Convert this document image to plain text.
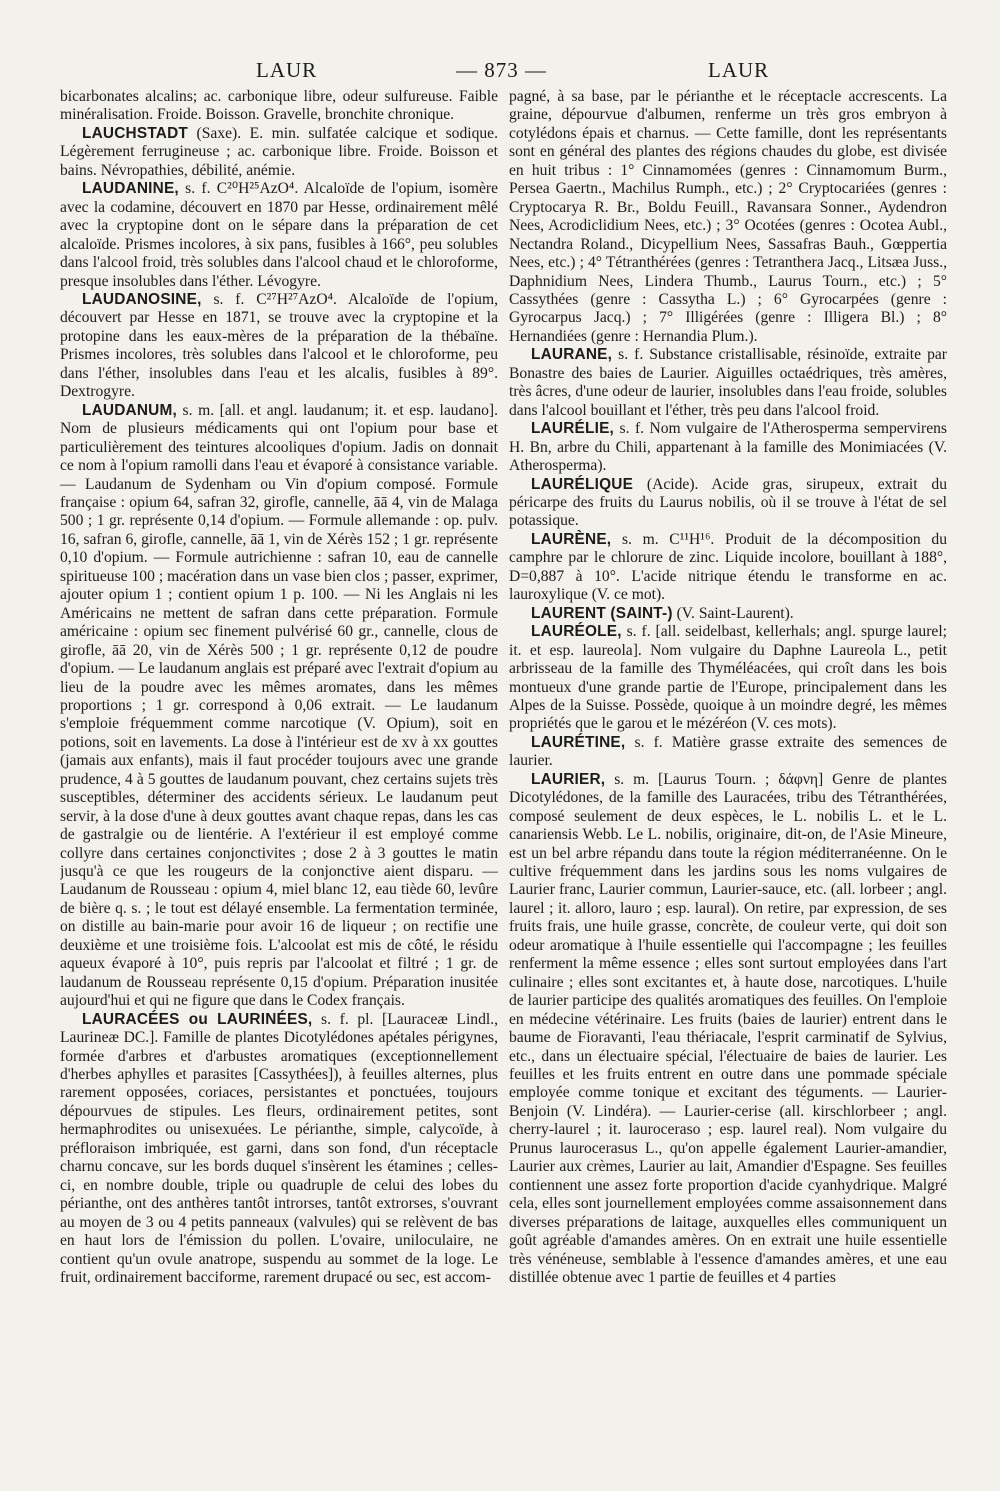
LAUR	— 873 —	LAUR

bicarbonates alcalins; ac. carbonique libre, odeur sulfureuse. Faible minéralisation. Froide. Boisson. Gravelle, bronchite chronique.

LAUCHSTADT (Saxe). E. min. sulfatée calcique et sodique. Légèrement ferrugineuse ; ac. carbonique libre. Froide. Boisson et bains. Névropathies, débilité, anémie.

LAUDANINE, s. f. C²⁰H²⁵AzO⁴. Alcaloïde de l'opium, isomère avec la codamine, découvert en 1870 par Hesse, ordinairement mêlé avec la cryptopine dont on le sépare dans la préparation de cet alcaloïde. Prismes incolores, à six pans, fusibles à 166°, peu solubles dans l'alcool froid, très solubles dans l'alcool chaud et le chloroforme, presque insolubles dans l'éther. Lévogyre.

LAUDANOSINE, s. f. C²⁷H²⁷AzO⁴. Alcaloïde de l'opium, découvert par Hesse en 1871, se trouve avec la cryptopine et la protopine dans les eaux-mères de la préparation de la thébaïne. Prismes incolores, très solubles dans l'alcool et le chloroforme, peu dans l'éther, insolubles dans l'eau et les alcalis, fusibles à 89°. Dextrogyre.

LAUDANUM, s. m. [all. et angl. laudanum; it. et esp. laudano]. Nom de plusieurs médicaments qui ont l'opium pour base et particulièrement des teintures alcooliques d'opium. Jadis on donnait ce nom à l'opium ramolli dans l'eau et évaporé à consistance variable. — Laudanum de Sydenham ou Vin d'opium composé. Formule française : opium 64, safran 32, girofle, cannelle, āā 4, vin de Malaga 500 ; 1 gr. représente 0,14 d'opium. — Formule allemande : op. pulv. 16, safran 6, girofle, cannelle, āā 1, vin de Xérès 152 ; 1 gr. représente 0,10 d'opium. — Formule autrichienne : safran 10, eau de cannelle spiritueuse 100 ; macération dans un vase bien clos ; passer, exprimer, ajouter opium 1 ; contient opium 1 p. 100. — Ni les Anglais ni les Américains ne mettent de safran dans cette préparation. Formule américaine : opium sec finement pulvérisé 60 gr., cannelle, clous de girofle, āā 20, vin de Xérès 500 ; 1 gr. représente 0,12 de poudre d'opium. — Le laudanum anglais est préparé avec l'extrait d'opium au lieu de la poudre avec les mêmes aromates, dans les mêmes proportions ; 1 gr. correspond à 0,06 extrait. — Le laudanum s'emploie fréquemment comme narcotique (V. Opium), soit en potions, soit en lavements. La dose à l'intérieur est de xv à xx gouttes (jamais aux enfants), mais il faut procéder toujours avec une grande prudence, 4 à 5 gouttes de laudanum pouvant, chez certains sujets très susceptibles, déterminer des accidents sérieux. Le laudanum peut servir, à la dose d'une à deux gouttes avant chaque repas, dans les cas de gastralgie ou de lientérie. A l'extérieur il est employé comme collyre dans certaines conjonctivites ; dose 2 à 3 gouttes le matin jusqu'à ce que les rougeurs de la conjonctive aient disparu. — Laudanum de Rousseau : opium 4, miel blanc 12, eau tiède 60, levûre de bière q. s. ; le tout est délayé ensemble. La fermentation terminée, on distille au bain-marie pour avoir 16 de liqueur ; on rectifie une deuxième et une troisième fois. L'alcoolat est mis de côté, le résidu aqueux évaporé à 10°, puis repris par l'alcoolat et filtré ; 1 gr. de laudanum de Rousseau représente 0,15 d'opium. Préparation inusitée aujourd'hui et qui ne figure que dans le Codex français.

LAURACÉES ou LAURINÉES, s. f. pl. [Lauraceæ Lindl., Laurineæ DC.]. Famille de plantes Dicotylédones apétales périgynes, formée d'arbres et d'arbustes aromatiques (exceptionnellement d'herbes aphylles et parasites [Cassythées]), à feuilles alternes, plus rarement opposées, coriaces, persistantes et ponctuées, toujours dépourvues de stipules. Les fleurs, ordinairement petites, sont hermaphrodites ou unisexuées. Le périanthe, simple, calycoïde, à préfloraison imbriquée, est garni, dans son fond, d'un réceptacle charnu concave, sur les bords duquel s'insèrent les étamines ; celles-ci, en nombre double, triple ou quadruple de celui des lobes du périanthe, ont des anthères tantôt introrses, tantôt extrorses, s'ouvrant au moyen de 3 ou 4 petits panneaux (valvules) qui se relèvent de bas en haut lors de l'émission du pollen. L'ovaire, uniloculaire, ne contient qu'un ovule anatrope, suspendu au sommet de la loge. Le fruit, ordinairement bacciforme, rarement drupacé ou sec, est accom-

pagné, à sa base, par le périanthe et le réceptacle accrescents. La graine, dépourvue d'albumen, renferme un très gros embryon à cotylédons épais et charnus. — Cette famille, dont les représentants sont en général des plantes des régions chaudes du globe, est divisée en huit tribus : 1° Cinnamomées (genres : Cinnamomum Burm., Persea Gaertn., Machilus Rumph., etc.) ; 2° Cryptocariées (genres : Cryptocarya R. Br., Boldu Feuill., Ravansara Sonner., Aydendron Nees, Acrodiclidium Nees, etc.) ; 3° Ocotées (genres : Ocotea Aubl., Nectandra Roland., Dicypellium Nees, Sassafras Bauh., Gœppertia Nees, etc.) ; 4° Tétranthérées (genres : Tetranthera Jacq., Litsæa Juss., Daphnidium Nees, Lindera Thumb., Laurus Tourn., etc.) ; 5° Cassythées (genre : Cassytha L.) ; 6° Gyrocarpées (genre : Gyrocarpus Jacq.) ; 7° Illigérées (genre : Illigera Bl.) ; 8° Hernandiées (genre : Hernandia Plum.).

LAURANE, s. f. Substance cristallisable, résinoïde, extraite par Bonastre des baies de Laurier. Aiguilles octaédriques, très amères, très âcres, d'une odeur de laurier, insolubles dans l'eau froide, solubles dans l'alcool bouillant et l'éther, très peu dans l'alcool froid.

LAURÉLIE, s. f. Nom vulgaire de l'Atherosperma sempervirens H. Bn, arbre du Chili, appartenant à la famille des Monimiacées (V. Atherosperma).

LAURÉLIQUE (Acide). Acide gras, sirupeux, extrait du péricarpe des fruits du Laurus nobilis, où il se trouve à l'état de sel potassique.

LAURÈNE, s. m. C¹¹H¹⁶. Produit de la décomposition du camphre par le chlorure de zinc. Liquide incolore, bouillant à 188°, D=0,887 à 10°. L'acide nitrique étendu le transforme en ac. lauroxylique (V. ce mot).

LAURENT (SAINT-) (V. Saint-Laurent).

LAURÉOLE, s. f. [all. seidelbast, kellerhals; angl. spurge laurel; it. et esp. laureola]. Nom vulgaire du Daphne Laureola L., petit arbrisseau de la famille des Thyméléacées, qui croît dans les bois montueux d'une grande partie de l'Europe, principalement dans les Alpes de la Suisse. Possède, quoique à un moindre degré, les mêmes propriétés que le garou et le mézéréon (V. ces mots).

LAURÉTINE, s. f. Matière grasse extraite des semences de laurier.

LAURIER, s. m. [Laurus Tourn. ; δάφνη] Genre de plantes Dicotylédones, de la famille des Lauracées, tribu des Tétranthérées, composé seulement de deux espèces, le L. nobilis L. et le L. canariensis Webb. Le L. nobilis, originaire, dit-on, de l'Asie Mineure, est un bel arbre répandu dans toute la région méditerranéenne. On le cultive fréquemment dans les jardins sous les noms vulgaires de Laurier franc, Laurier commun, Laurier-sauce, etc. (all. lorbeer ; angl. laurel ; it. alloro, lauro ; esp. laural). On retire, par expression, de ses fruits frais, une huile grasse, concrète, de couleur verte, qui doit son odeur aromatique à l'huile essentielle qui l'accompagne ; les feuilles renferment la même essence ; elles sont surtout employées dans l'art culinaire ; elles sont excitantes et, à haute dose, narcotiques. L'huile de laurier participe des qualités aromatiques des feuilles. On l'emploie en médecine vétérinaire. Les fruits (baies de laurier) entrent dans le baume de Fioravanti, l'eau thériacale, l'esprit carminatif de Sylvius, etc., dans un électuaire spécial, l'électuaire de baies de laurier. Les feuilles et les fruits entrent en outre dans une pommade spéciale employée comme tonique et excitant des téguments. — Laurier-Benjoin (V. Lindéra). — Laurier-cerise (all. kirschlorbeer ; angl. cherry-laurel ; it. lauroceraso ; esp. laurel real). Nom vulgaire du Prunus laurocerasus L., qu'on appelle également Laurier-amandier, Laurier aux crèmes, Laurier au lait, Amandier d'Espagne. Ses feuilles contiennent une assez forte proportion d'acide cyanhydrique. Malgré cela, elles sont journellement employées comme assaisonnement dans diverses préparations de laitage, auxquelles elles communiquent un goût agréable d'amandes amères. On en extrait une huile essentielle très vénéneuse, semblable à l'essence d'amandes amères, et une eau distillée obtenue avec 1 partie de feuilles et 4 parties
